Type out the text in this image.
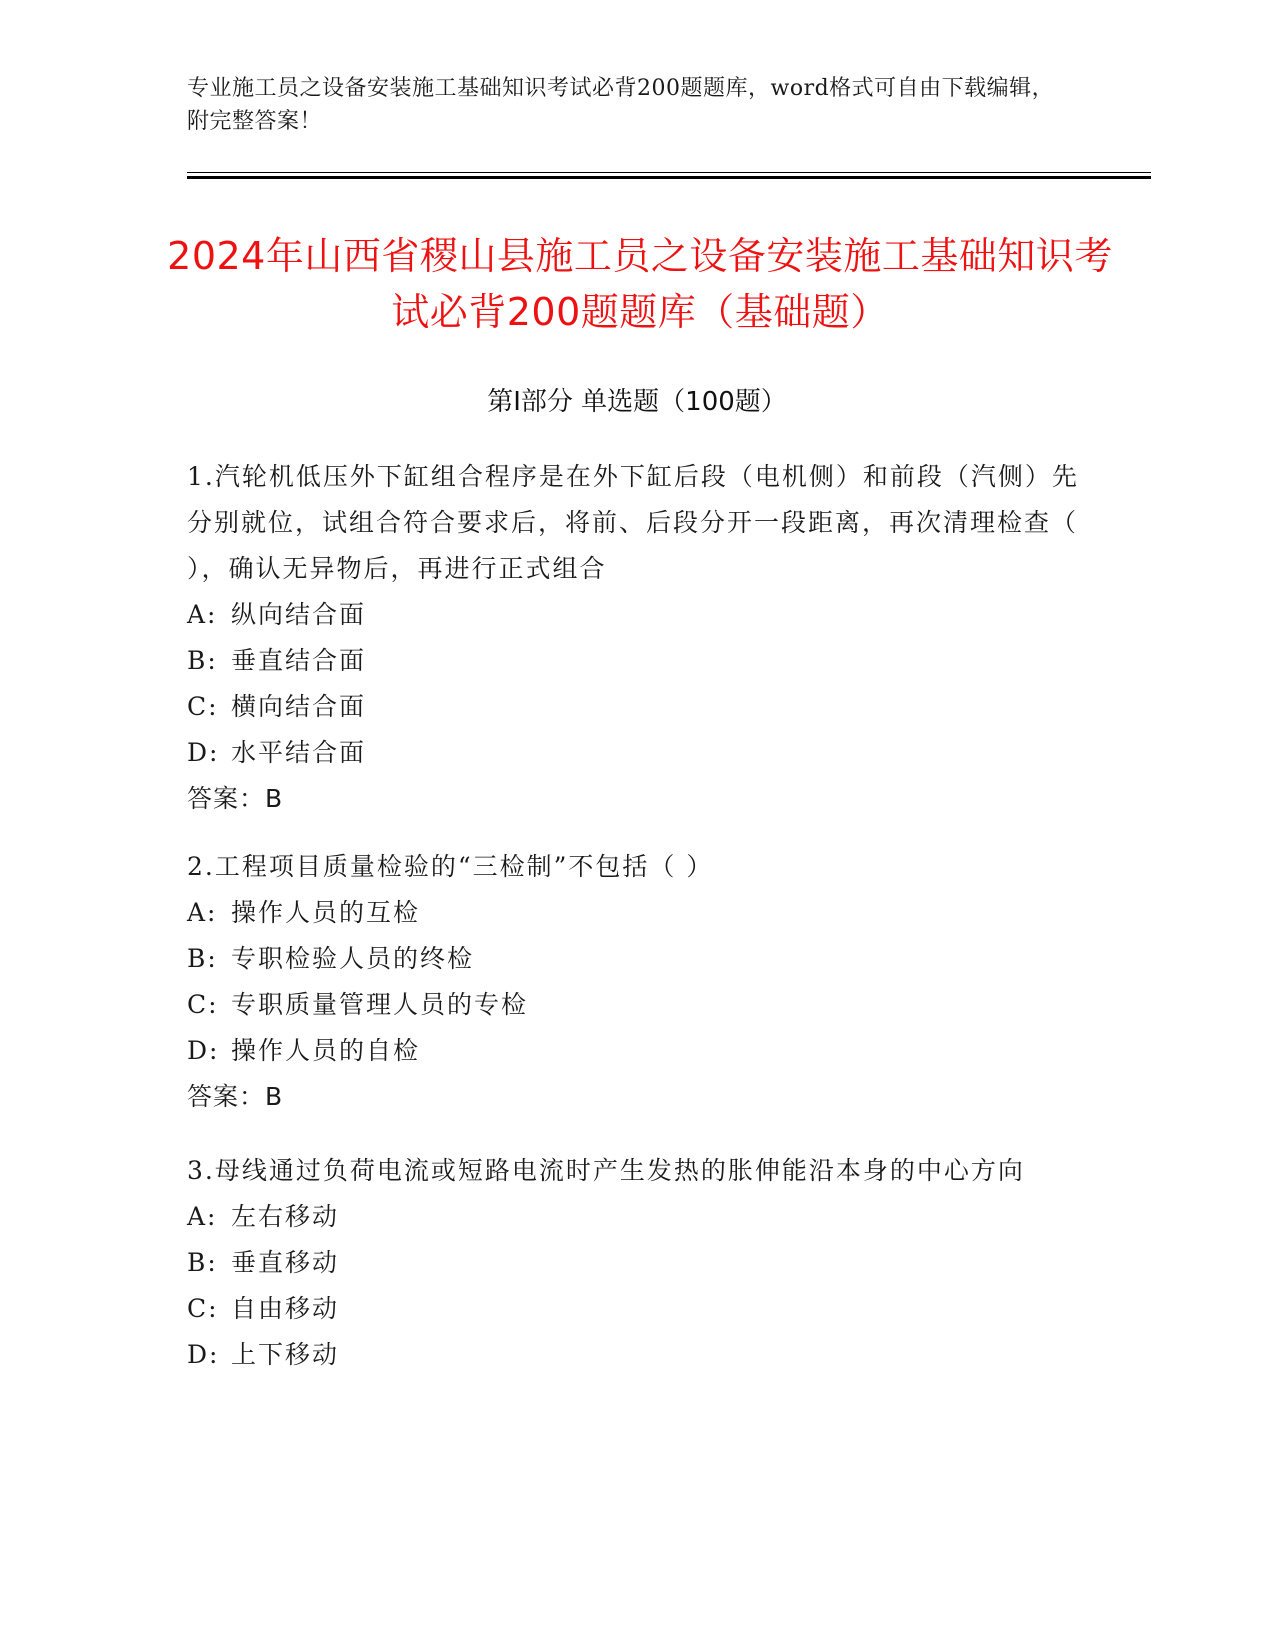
专业施工员之设备安装施工基础知识考试必背200题题库，word格式可自由下载编辑，附完整答案！
2024年山西省稷山县施工员之设备安装施工基础知识考试必背200题题库（基础题）
第Ⅰ部分 单选题（100题）

1.汽轮机低压外下缸组合程序是在外下缸后段（电机侧）和前段（汽侧）先分别就位，试组合符合要求后，将前、后段分开一段距离，再次清理检查（ ），确认无异物后，再进行正式组合

A: 纵向结合面

B: 垂直结合面

C: 横向结合面

D: 水平结合面

答案：B

2.工程项目质量检验的“三检制”不包括（ ）

A: 操作人员的互检

B: 专职检验人员的终检

C: 专职质量管理人员的专检

D: 操作人员的自检

答案：B

3.母线通过负荷电流或短路电流时产生发热的胀伸能沿本身的中心方向

A: 左右移动

B: 垂直移动

C: 自由移动

D: 上下移动
